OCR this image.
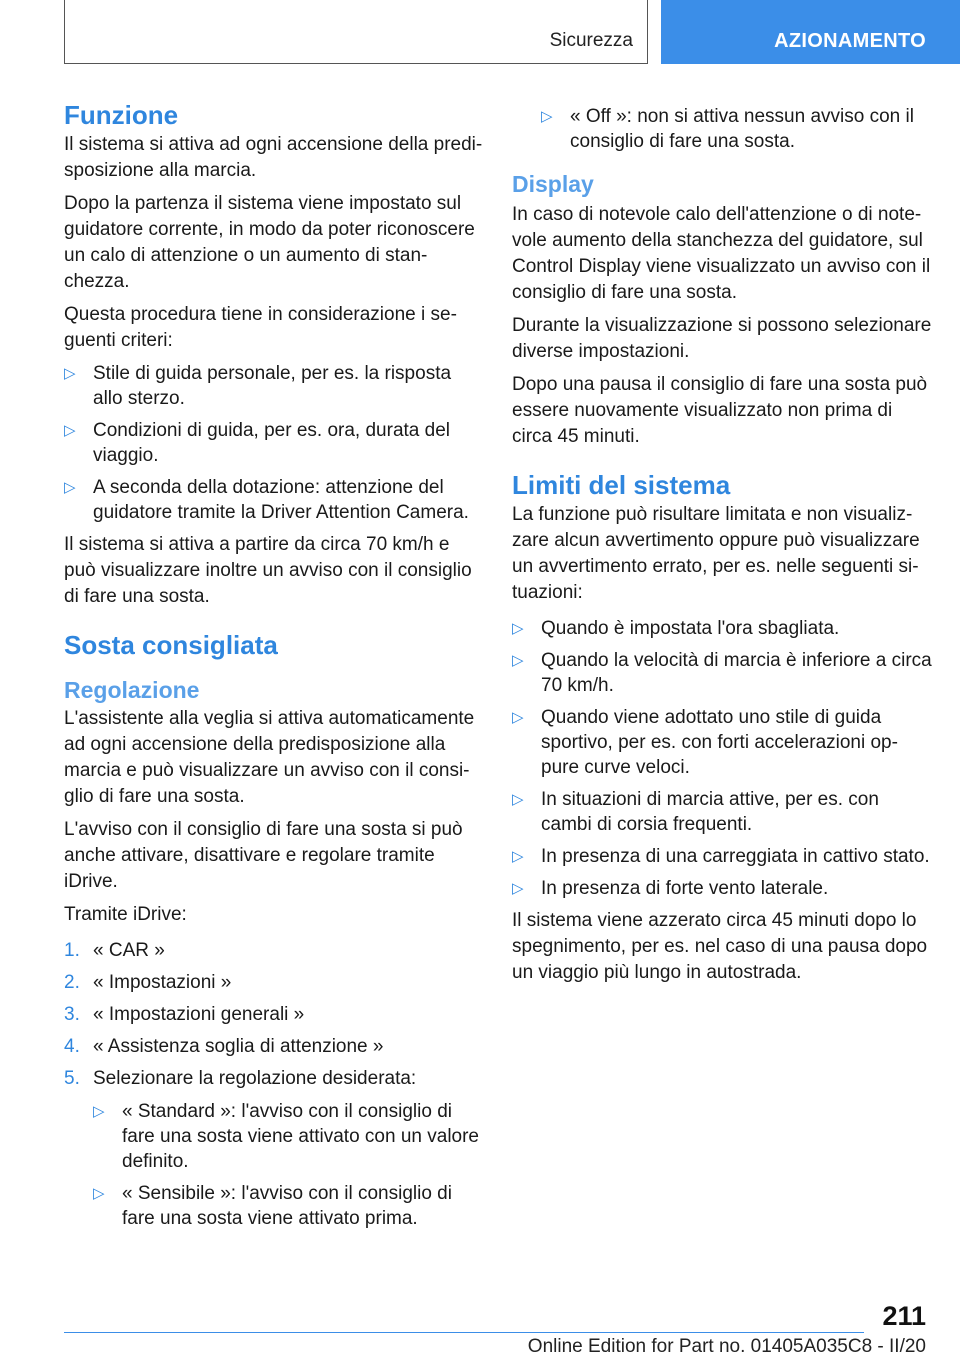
Sicurezza	AZIONAMENTO
Funzione

Il sistema si attiva ad ogni accensione della predi-sposizione alla marcia.

Dopo la partenza il sistema viene impostato sul guidatore corrente, in modo da poter riconoscere un calo di attenzione o un aumento di stan-chezza.

Questa procedura tiene in considerazione i se-guenti criteri:

▷ Stile di guida personale, per es. la risposta allo sterzo.
▷ Condizioni di guida, per es. ora, durata del viaggio.
▷ A seconda della dotazione: attenzione del guidatore tramite la Driver Attention Camera.

Il sistema si attiva a partire da circa 70 km/h e può visualizzare inoltre un avviso con il consiglio di fare una sosta.

Sosta consigliata
Regolazione

L'assistente alla veglia si attiva automaticamente ad ogni accensione della predisposizione alla marcia e può visualizzare un avviso con il consi-glio di fare una sosta.

L'avviso con il consiglio di fare una sosta si può anche attivare, disattivare e regolare tramite iDrive.

Tramite iDrive:

1. « CAR »
2. « Impostazioni »
3. « Impostazioni generali »
4. « Assistenza soglia di attenzione »
5. Selezionare la regolazione desiderata:
▷ « Standard »: l'avviso con il consiglio di fare una sosta viene attivato con un valore definito.
▷ « Sensibile »: l'avviso con il consiglio di fare una sosta viene attivato prima.
▷ « Off »: non si attiva nessun avviso con il consiglio di fare una sosta.
Display

In caso di notevole calo dell'attenzione o di note-vole aumento della stanchezza del guidatore, sul Control Display viene visualizzato un avviso con il consiglio di fare una sosta.

Durante la visualizzazione si possono selezionare diverse impostazioni.

Dopo una pausa il consiglio di fare una sosta può essere nuovamente visualizzato non prima di circa 45 minuti.

Limiti del sistema

La funzione può risultare limitata e non visualiz-zare alcun avvertimento oppure può visualizzare un avvertimento errato, per es. nelle seguenti si-tuazioni:

▷ Quando è impostata l'ora sbagliata.
▷ Quando la velocità di marcia è inferiore a circa 70 km/h.
▷ Quando viene adottato uno stile di guida sportivo, per es. con forti accelerazioni op-pure curve veloci.
▷ In situazioni di marcia attive, per es. con cambi di corsia frequenti.
▷ In presenza di una carreggiata in cattivo stato.
▷ In presenza di forte vento laterale.

Il sistema viene azzerato circa 45 minuti dopo lo spegnimento, per es. nel caso di una pausa dopo un viaggio più lungo in autostrada.

211
Online Edition for Part no. 01405A035C8 - II/20
